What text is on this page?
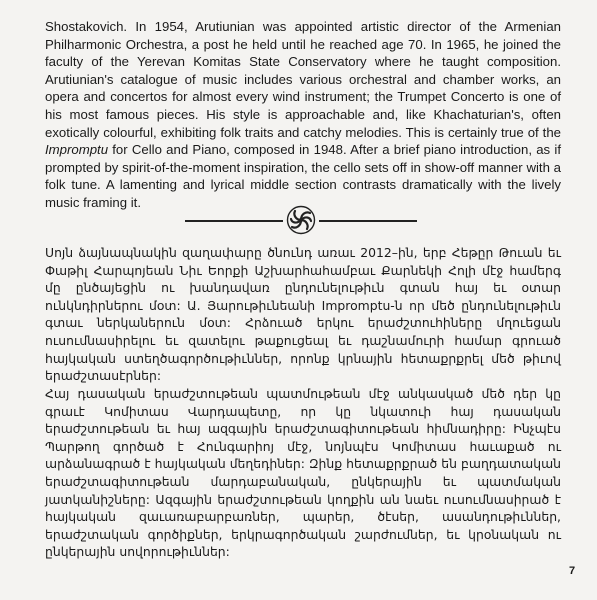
Shostakovich. In 1954, Arutiunian was appointed artistic director of the Armenian Philharmonic Orchestra, a post he held until he reached age 70. In 1965, he joined the faculty of the Yerevan Komitas State Conservatory where he taught composition. Arutiunian's catalogue of music includes various orchestral and chamber works, an opera and concertos for almost every wind instrument; the Trumpet Concerto is one of his most famous pieces. His style is approachable and, like Khachaturian's, often exotically colourful, exhibiting folk traits and catchy melodies. This is certainly true of the Impromptu for Cello and Piano, composed in 1948. After a brief piano introduction, as if prompted by spirit-of-the-moment inspiration, the cello sets off in show-off manner with a folk tune. A lamenting and lyrical middle section contrasts dramatically with the lively music framing it.

Սոյն ձայնապնակին զաղափարը ծնունդ առաւ 2012–ին, երբ Հեթըր Թուան եւ Փաթիլ Հարպոյեան Նիւ Եորքի Աշխարհահամբաւ Քարնեկի Հոլի մէջ համերգ մը ընծայեցին ու խանդավառ ընդունելութիւն գտան հայ եւ օտար ունկնդիրներու մօտ: Ա. Յարութիւնեանի Impromptu-ն որ մեծ ընդունելութիւն գտաւ ներկաներուն մօտ: Հրձուած երկու երաժշտուհիները մղուեցան ուսումնասիրելու եւ զատելու թաքուցեալ եւ դաշնամուրի համար գրուած հայկական ստեղծագործութիւններ, որոնք կրնային հետաքրքրել մեծ թիւով երաժշտասէրներ:

Հայ դասական երաժշտութեան պատմութեան մէջ անկասկած մեծ դեր կը գրաւէ Կոմիտաս Վարդապետը, որ կը նկատուի հայ դասական երաժշտութեան եւ հայ ազգային երաժշտագիտութեան հիմնադիրը: Ինչպէս Պարթող գործած է Հունգարիոյ մէջ, նոյնպէս Կոմիտաս հաւաքած ու արձանագրած է հայկական մեղեդիներ: Զինք հետաքրքրած են բաղդատական երաժշտագիտութեան մարդաբանական, ընկերային եւ պատմական յատկանիշները: Ազգային երաժշտութեան կողքին ան նաեւ ուսումնասիրած է հայկական զաւառաբարբառներ, պարեր, ծէսեր, ասանդութիւններ, երաժշտական գործիքներ, երկրագործական շարժումներ, եւ կրօնական ու ընկերային սովորութիւններ:

7
